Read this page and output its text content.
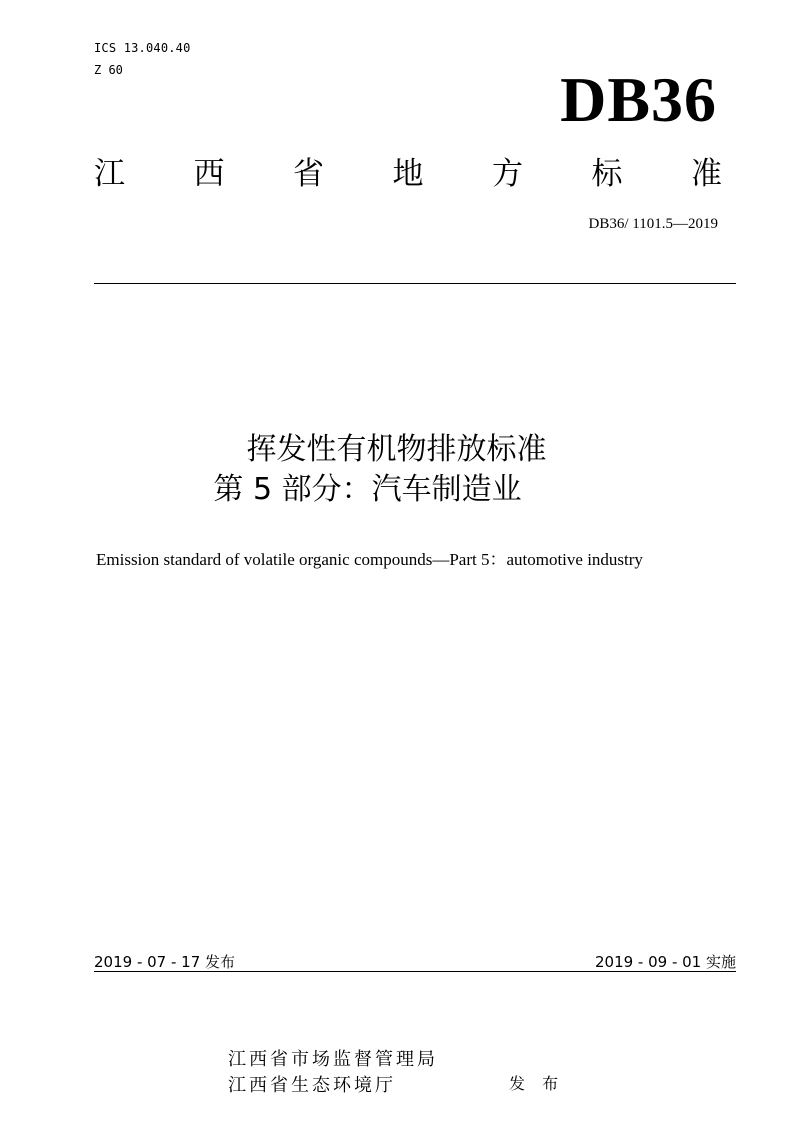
ICS 13.040.40
Z 60	DB36
江 西 省 地 方 标 准
DB36/ 1101.5—2019
挥发性有机物排放标准
第 5 部分：汽车制造业
Emission standard of volatile organic compounds—Part 5：automotive industry
2019 - 07 - 17 发布	2019 - 09 - 01 实施
江西省市场监督管理局
江西省生态环境厅	发 布
